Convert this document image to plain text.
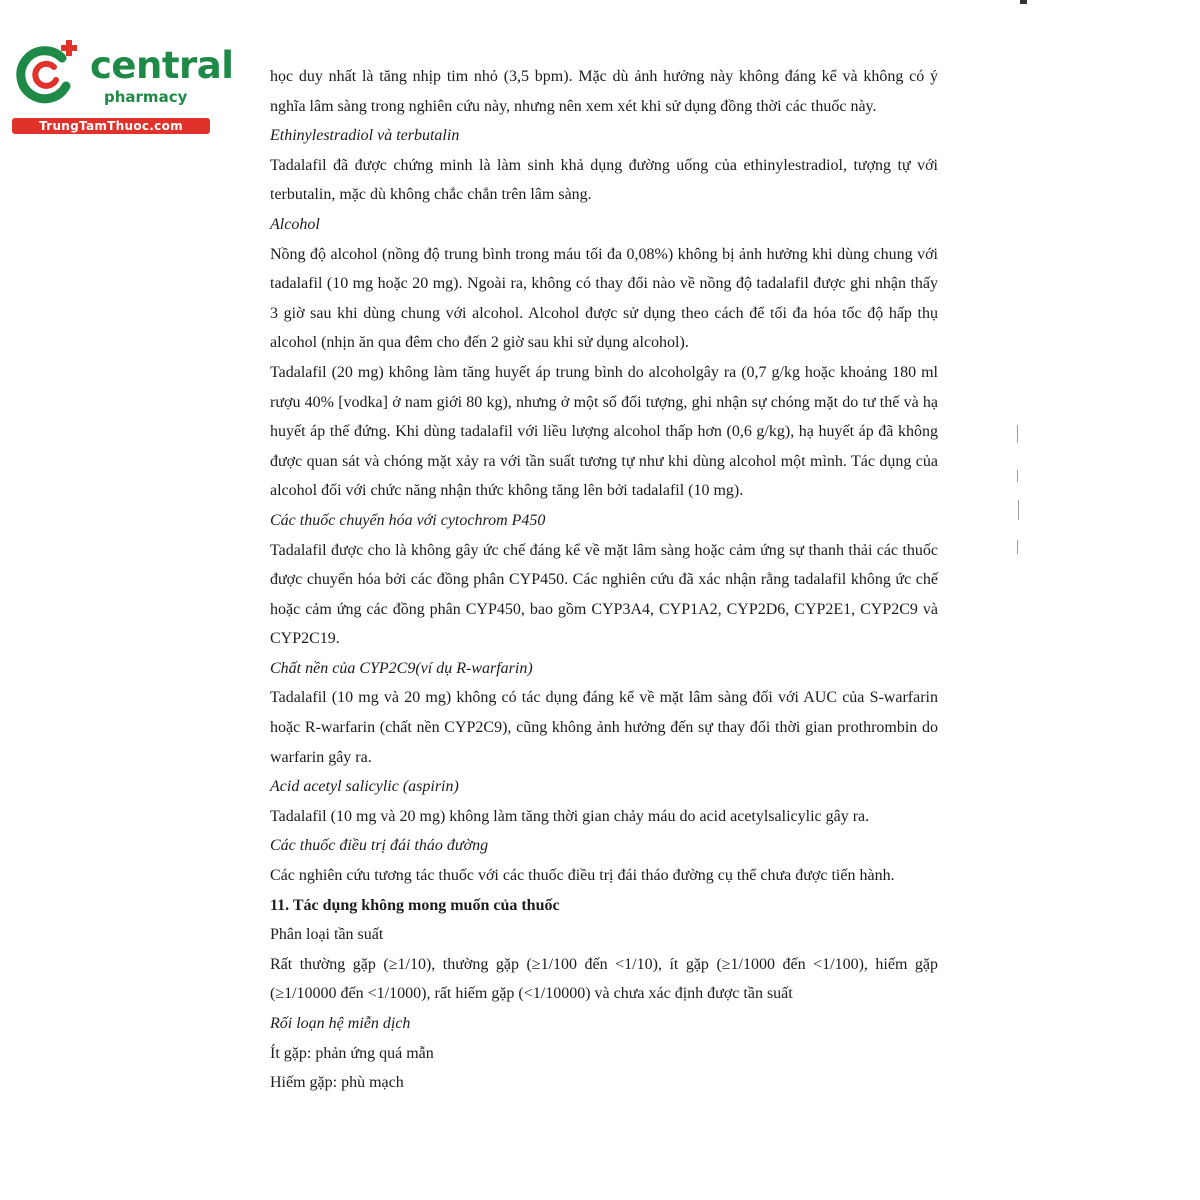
central
pharmacy
TrungTamThuoc.com

học duy nhất là tăng nhịp tim nhỏ (3,5 bpm). Mặc dù ảnh hưởng này không đáng kể và không có ý nghĩa lâm sàng trong nghiên cứu này, nhưng nên xem xét khi sử dụng đồng thời các thuốc này.

Ethinylestradiol và terbutalin

Tadalafil đã được chứng minh là làm sinh khả dụng đường uống của ethinylestradiol, tượng tự với terbutalin, mặc dù không chắc chắn trên lâm sàng.

Alcohol

Nồng độ alcohol (nồng độ trung bình trong máu tối đa 0,08%) không bị ảnh hưởng khi dùng chung với tadalafil (10 mg hoặc 20 mg). Ngoài ra, không có thay đổi nào về nồng độ tadalafil được ghi nhận thấy 3 giờ sau khi dùng chung với alcohol. Alcohol được sử dụng theo cách để tối đa hóa tốc độ hấp thụ alcohol (nhịn ăn qua đêm cho đến 2 giờ sau khi sử dụng alcohol).

Tadalafil (20 mg) không làm tăng huyết áp trung bình do alcoholgây ra (0,7 g/kg hoặc khoảng 180 ml rượu 40% [vodka] ở nam giới 80 kg), nhưng ở một số đối tượng, ghi nhận sự chóng mặt do tư thế và hạ huyết áp thế đứng. Khi dùng tadalafil với liều lượng alcohol thấp hơn (0,6 g/kg), hạ huyết áp đã không được quan sát và chóng mặt xảy ra với tần suất tương tự như khi dùng alcohol một mình. Tác dụng của alcohol đối với chức năng nhận thức không tăng lên bởi tadalafil (10 mg).

Các thuốc chuyển hóa với cytochrom P450

Tadalafil được cho là không gây ức chế đáng kể về mặt lâm sàng hoặc cảm ứng sự thanh thải các thuốc được chuyển hóa bởi các đồng phân CYP450. Các nghiên cứu đã xác nhận rằng tadalafil không ức chế hoặc cảm ứng các đồng phân CYP450, bao gồm CYP3A4, CYP1A2, CYP2D6, CYP2E1, CYP2C9 và CYP2C19.

Chất nền của CYP2C9(ví dụ R-warfarin)

Tadalafil (10 mg và 20 mg) không có tác dụng đáng kể về mặt lâm sàng đối với AUC của S-warfarin hoặc R-warfarin (chất nền CYP2C9), cũng không ảnh hưởng đến sự thay đổi thời gian prothrombin do warfarin gây ra.

Acid acetyl salicylic (aspirin)

Tadalafil (10 mg và 20 mg) không làm tăng thời gian chảy máu do acid acetylsalicylic gây ra.

Các thuốc điều trị đái tháo đường

Các nghiên cứu tương tác thuốc với các thuốc điều trị đái tháo đường cụ thể chưa được tiến hành.

11. Tác dụng không mong muốn của thuốc

Phân loại tần suất

Rất thường gặp (≥1/10), thường gặp (≥1/100 đến <1/10), ít gặp (≥1/1000 đến <1/100), hiếm gặp (≥1/10000 đến <1/1000), rất hiếm gặp (<1/10000) và chưa xác định được tần suất

Rối loạn hệ miễn dịch

Ít gặp: phản ứng quá mẫn

Hiếm gặp: phù mạch
